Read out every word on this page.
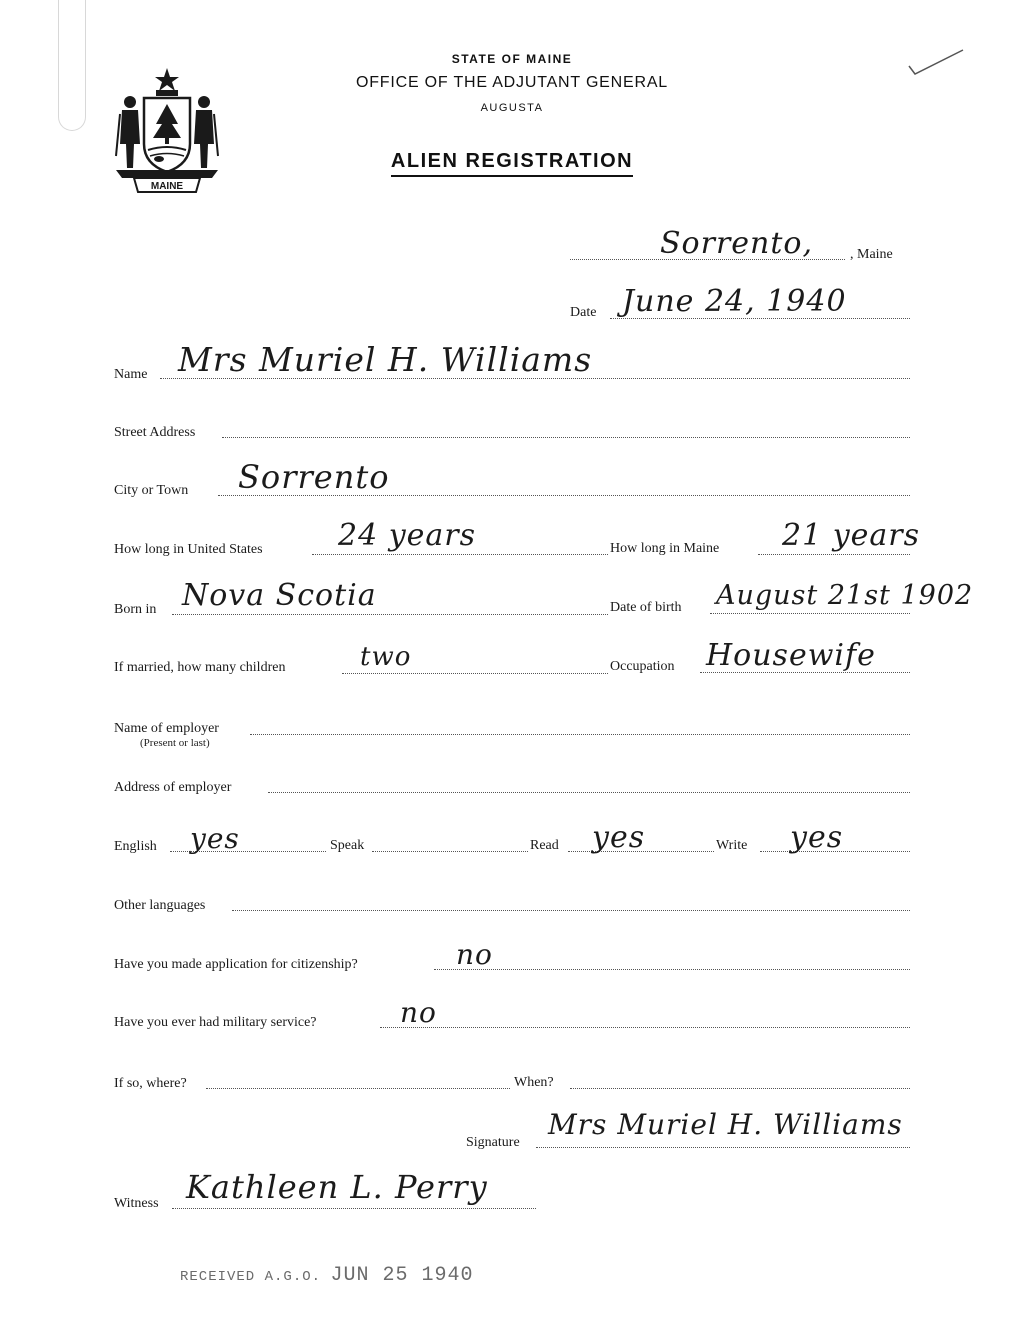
MAINE
STATE OF MAINE
OFFICE OF THE ADJUTANT GENERAL
AUGUSTA
ALIEN REGISTRATION
Sorrento,	, Maine
Date June 24, 1940
Name Mrs Muriel H. Williams
Street Address
City or Town Sorrento
How long in United States	24 years	How long in Maine 21 years
Born in Nova Scotia	Date of birth August 21st 1902
If married, how many children	two	Occupation Housewife
Name of employer
(Present or last)
Address of employer
English yes	Speak	Read yes	Write yes
Other languages
Have you made application for citizenship?	no
Have you ever had military service?	no
If so, where?	When?
Signature
Mrs Muriel H. Williams
Witness Kathleen L. Perry
RECEIVED A.G.O. JUN 25 1940
